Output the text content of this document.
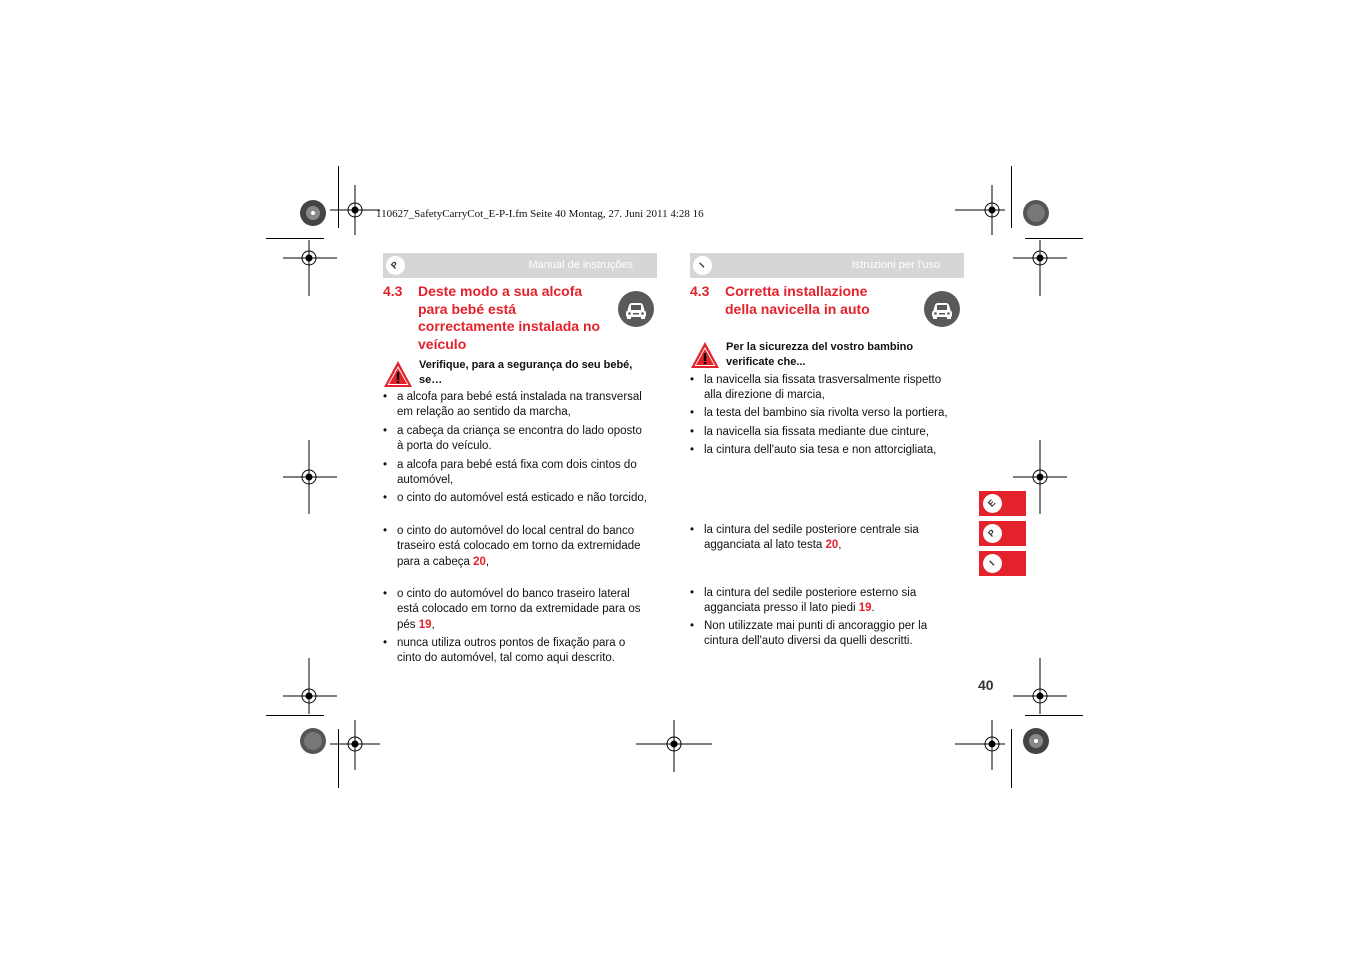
110627_SafetyCarryCot_E-P-I.fm Seite 40 Montag, 27. Juni 2011 4:28 16
P	Manual de instruções
4.3 Deste modo a sua alcofa
para bebé está
correctamente instalada no
veículo
Verifique, para a segurança do seu bebé,
se…
• a alcofa para bebé está instalada na transversal
em relação ao sentido da marcha,
• a cabeça da criança se encontra do lado oposto
à porta do veículo.
• a alcofa para bebé está fixa com dois cintos do
automóvel,
• o cinto do automóvel está esticado e não torcido,
• o cinto do automóvel do local central do banco
traseiro está colocado em torno da extremidade
para a cabeça 20,
• o cinto do automóvel do banco traseiro lateral
está colocado em torno da extremidade para os
pés 19,
• nunca utiliza outros pontos de fixação para o
cinto do automóvel, tal como aqui descrito.
I	Istruzioni per l'uso
4.3 Corretta installazione
della navicella in auto
Per la sicurezza del vostro bambino
verificate che...
• la navicella sia fissata trasversalmente rispetto
alla direzione di marcia,
• la testa del bambino sia rivolta verso la portiera,
• la navicella sia fissata mediante due cinture,
• la cintura dell'auto sia tesa e non attorcigliata,
• la cintura del sedile posteriore centrale sia
agganciata al lato testa 20,
• la cintura del sedile posteriore esterno sia
agganciata presso il lato piedi 19.
• Non utilizzate mai punti di ancoraggio per la
cintura dell'auto diversi da quelli descritti.
E
P
I
40
